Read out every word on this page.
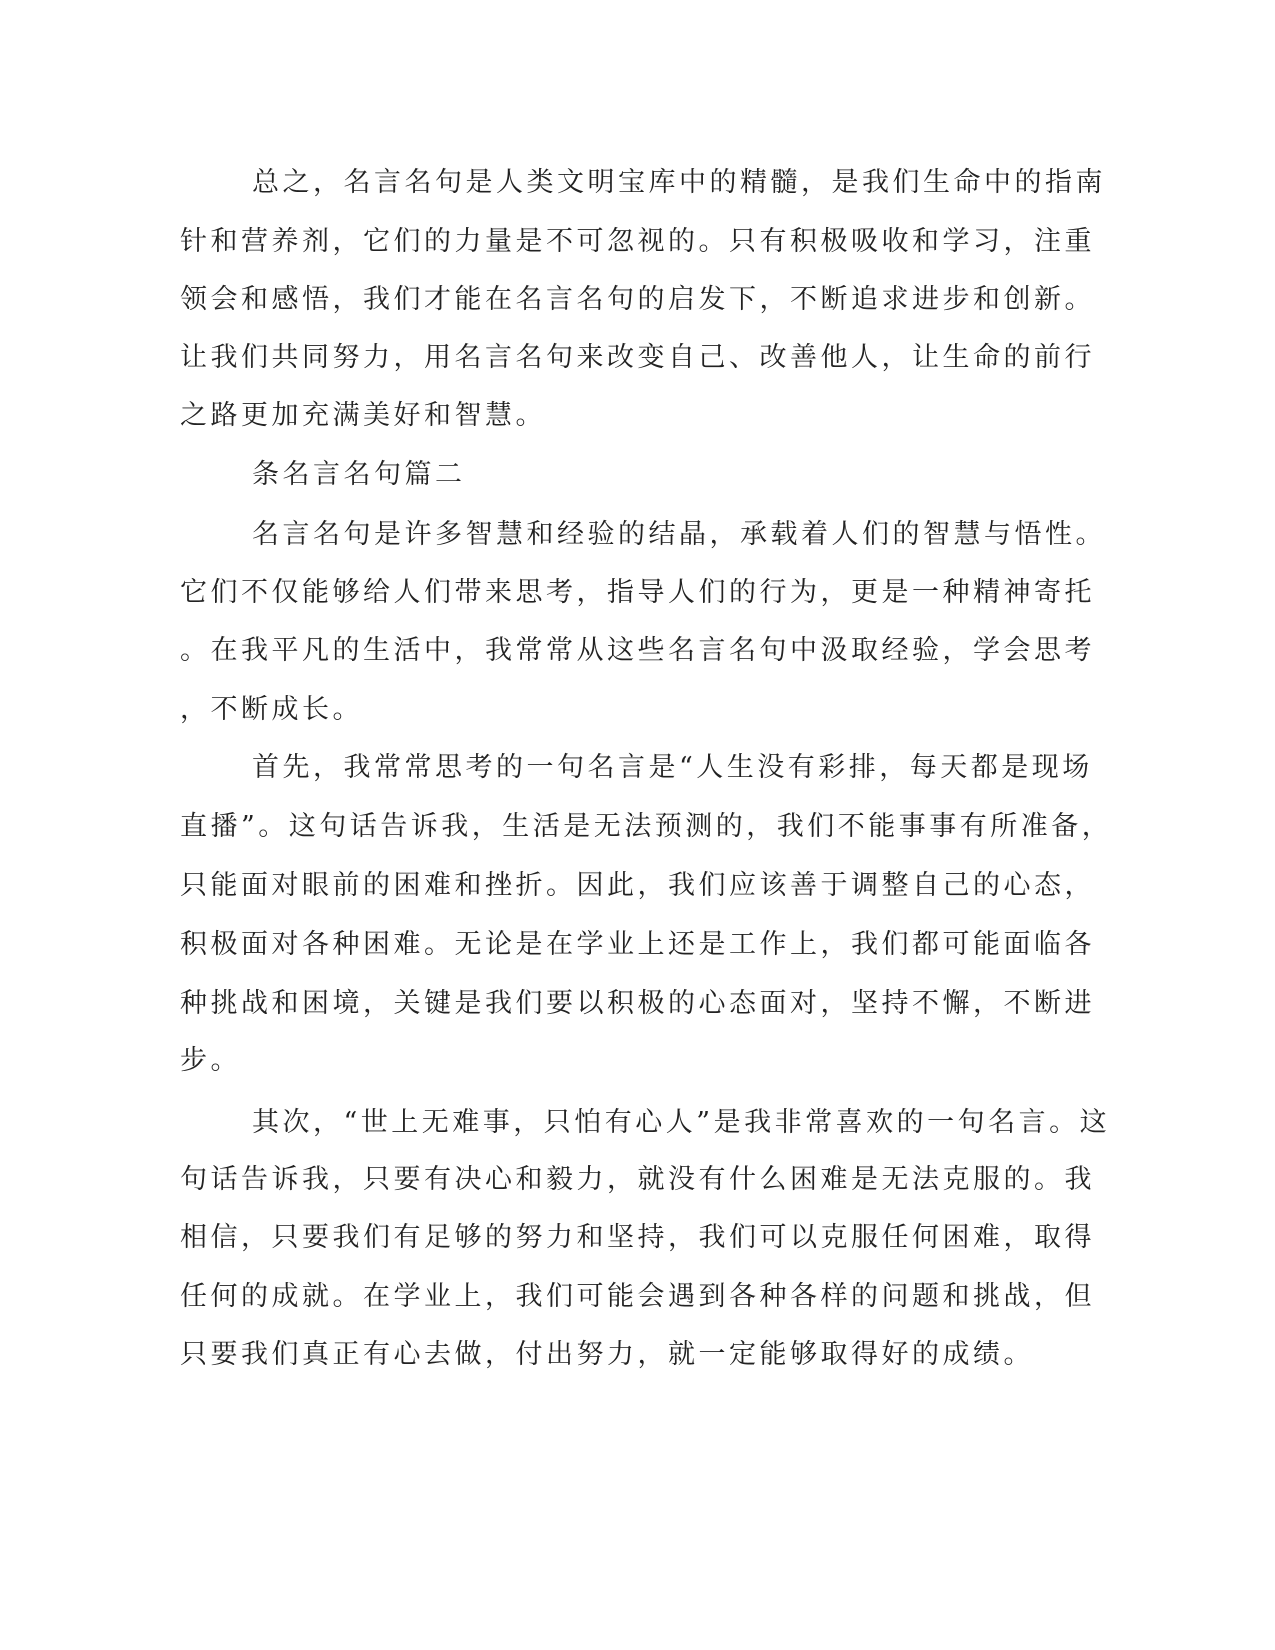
总之，名言名句是人类文明宝库中的精髓，是我们生命中的指南
针和营养剂，它们的力量是不可忽视的。只有积极吸收和学习，注重
领会和感悟，我们才能在名言名句的启发下，不断追求进步和创新。
让我们共同努力，用名言名句来改变自己、改善他人，让生命的前行
之路更加充满美好和智慧。
条名言名句篇二
名言名句是许多智慧和经验的结晶，承载着人们的智慧与悟性。
它们不仅能够给人们带来思考，指导人们的行为，更是一种精神寄托
。在我平凡的生活中，我常常从这些名言名句中汲取经验，学会思考
，不断成长。
首先，我常常思考的一句名言是“人生没有彩排，每天都是现场
直播”。这句话告诉我，生活是无法预测的，我们不能事事有所准备，
只能面对眼前的困难和挫折。因此，我们应该善于调整自己的心态，
积极面对各种困难。无论是在学业上还是工作上，我们都可能面临各
种挑战和困境，关键是我们要以积极的心态面对，坚持不懈，不断进
步。
其次，“世上无难事，只怕有心人”是我非常喜欢的一句名言。这
句话告诉我，只要有决心和毅力，就没有什么困难是无法克服的。我
相信，只要我们有足够的努力和坚持，我们可以克服任何困难，取得
任何的成就。在学业上，我们可能会遇到各种各样的问题和挑战，但
只要我们真正有心去做，付出努力，就一定能够取得好的成绩。
